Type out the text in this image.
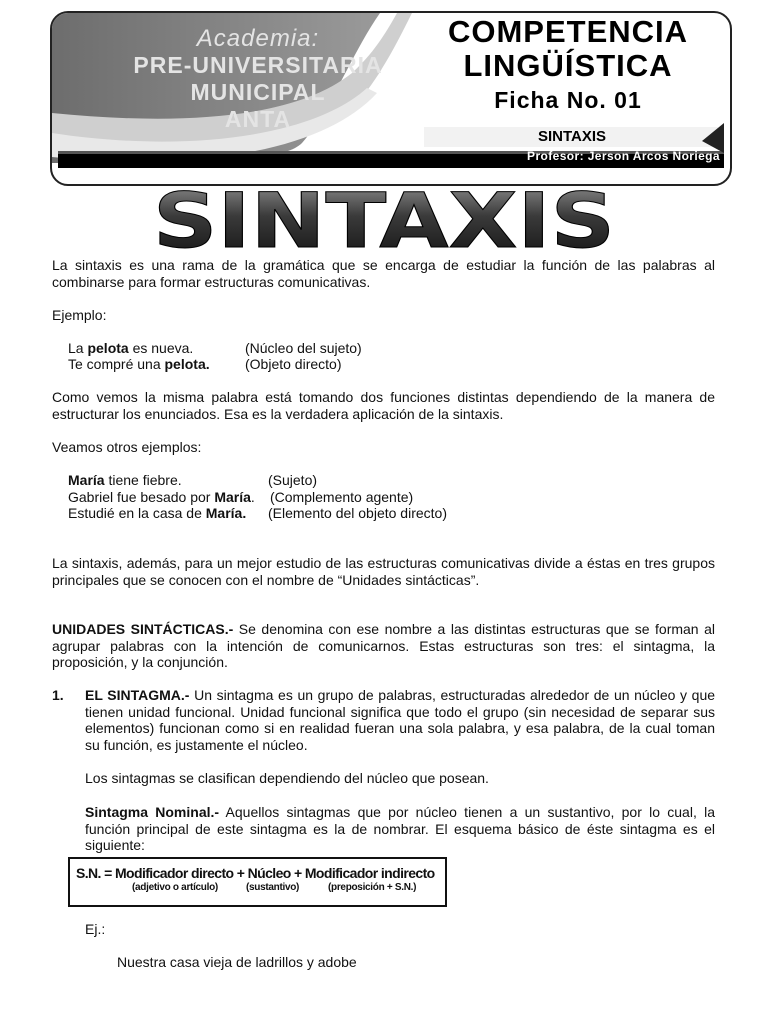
Academia:
PRE-UNIVERSITARIA
MUNICIPAL
ANTA
COMPETENCIA
LINGÜÍSTICA
Ficha No. 01
SINTAXIS
Profesor: Jerson Arcos Noriega
SINTAXIS

La sintaxis es una rama de la gramática que se encarga de estudiar la función de las palabras al combinarse para formar estructuras comunicativas.

Ejemplo:

La pelota es nueva.	(Núcleo del sujeto)

Te compré una pelota.	(Objeto directo)

Como vemos la misma palabra está tomando dos funciones distintas dependiendo de la manera de estructurar los enunciados. Esa es la verdadera aplicación de la sintaxis.

Veamos otros ejemplos:

María tiene fiebre.	(Sujeto)

Gabriel fue besado por María. (Complemento agente)

Estudié en la casa de María. (Elemento del objeto directo)

La sintaxis, además, para un mejor estudio de las estructuras comunicativas divide a éstas en tres grupos principales que se conocen con el nombre de “Unidades sintácticas”.

UNIDADES SINTÁCTICAS.- Se denomina con ese nombre a las distintas estructuras que se forman al agrupar palabras con la intención de comunicarnos. Estas estructuras son tres: el sintagma, la proposición, y la conjunción.

1. EL SINTAGMA.- Un sintagma es un grupo de palabras, estructuradas alrededor de un núcleo y que tienen unidad funcional. Unidad funcional significa que todo el grupo (sin necesidad de separar sus elementos) funcionan como si en realidad fueran una sola palabra, y esa palabra, de la cual toman su función, es justamente el núcleo.

Los sintagmas se clasifican dependiendo del núcleo que posean.

Sintagma Nominal.- Aquellos sintagmas que por núcleo tienen a un sustantivo, por lo cual, la función principal de este sintagma es la de nombrar. El esquema básico de éste sintagma es el siguiente:

S.N. = Modificador directo + Núcleo + Modificador indirecto
(adjetivo o artículo)	(sustantivo)	(preposición + S.N.)

Ej.:

Nuestra casa vieja de ladrillos y adobe
